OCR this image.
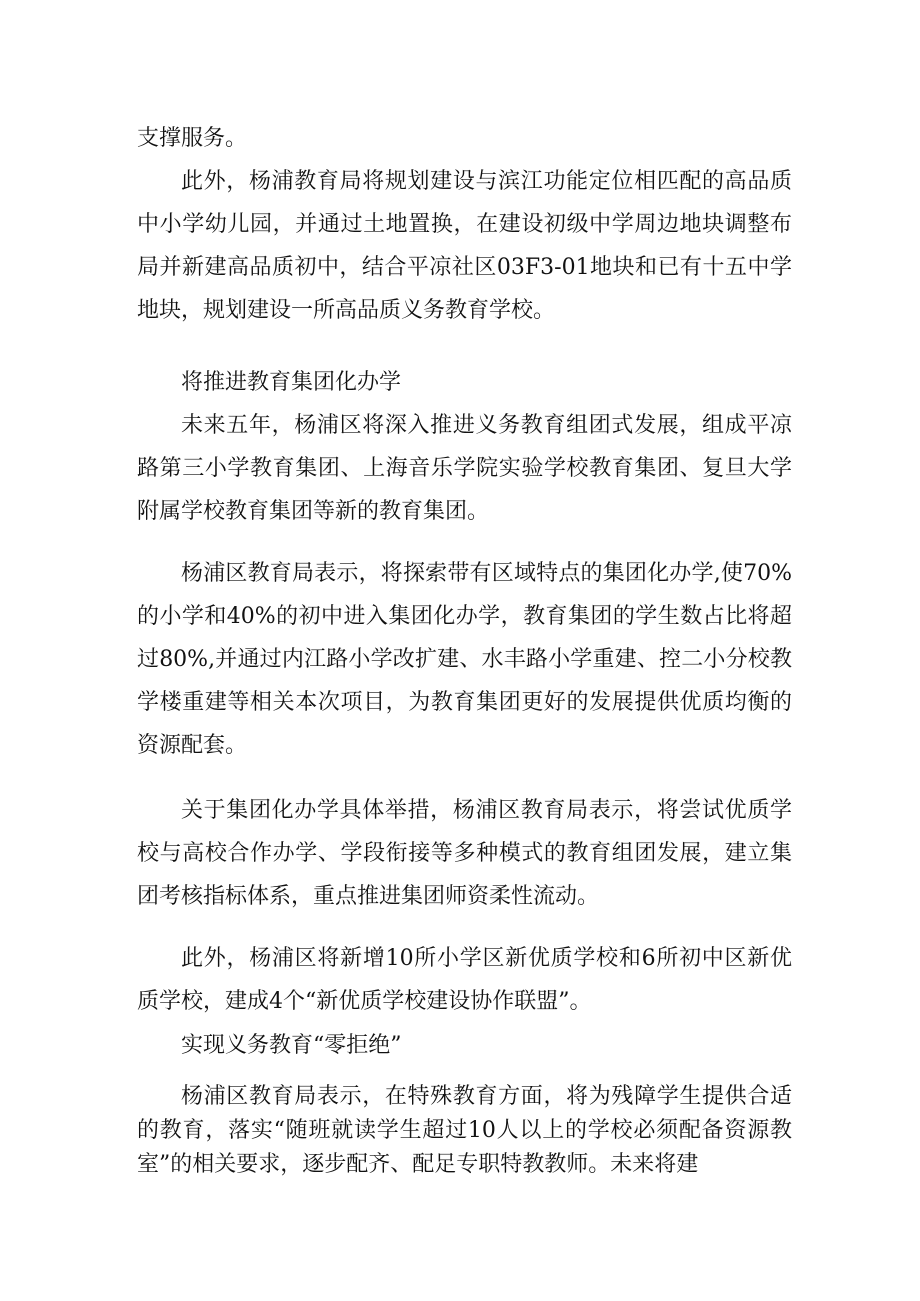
支撑服务。

此外，杨浦教育局将规划建设与滨江功能定位相匹配的高品质中小学幼儿园，并通过土地置换，在建设初级中学周边地块调整布局并新建高品质初中，结合平凉社区03F3-01地块和已有十五中学地块，规划建设一所高品质义务教育学校。

将推进教育集团化办学

未来五年，杨浦区将深入推进义务教育组团式发展，组成平凉路第三小学教育集团、上海音乐学院实验学校教育集团、复旦大学附属学校教育集团等新的教育集团。

杨浦区教育局表示，将探索带有区域特点的集团化办学,使70%的小学和40%的初中进入集团化办学，教育集团的学生数占比将超过80%,并通过内江路小学改扩建、水丰路小学重建、控二小分校教学楼重建等相关本次项目，为教育集团更好的发展提供优质均衡的资源配套。

关于集团化办学具体举措，杨浦区教育局表示，将尝试优质学校与高校合作办学、学段衔接等多种模式的教育组团发展，建立集团考核指标体系，重点推进集团师资柔性流动。

此外，杨浦区将新增10所小学区新优质学校和6所初中区新优质学校，建成4个“新优质学校建设协作联盟”。

实现义务教育“零拒绝”

杨浦区教育局表示，在特殊教育方面，将为残障学生提供合适的教育，落实“随班就读学生超过10人以上的学校必须配备资源教室”的相关要求，逐步配齐、配足专职特教教师。未来将建
